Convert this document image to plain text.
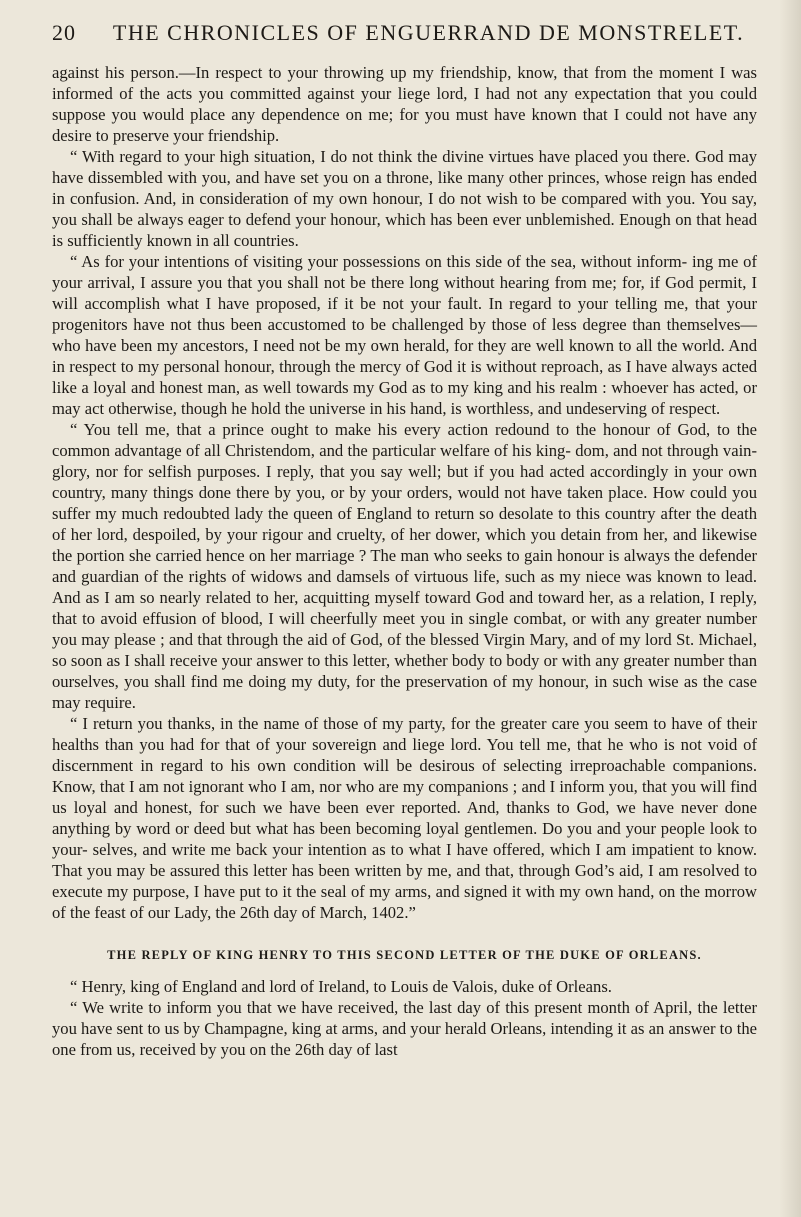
20	THE CHRONICLES OF ENGUERRAND DE MONSTRELET.

against his person.—In respect to your throwing up my friendship, know, that from the moment I was informed of the acts you committed against your liege lord, I had not any expectation that you could suppose you would place any dependence on me; for you must have known that I could not have any desire to preserve your friendship.

“ With regard to your high situation, I do not think the divine virtues have placed you there. God may have dissembled with you, and have set you on a throne, like many other princes, whose reign has ended in confusion. And, in consideration of my own honour, I do not wish to be compared with you. You say, you shall be always eager to defend your honour, which has been ever unblemished. Enough on that head is sufficiently known in all countries.

“ As for your intentions of visiting your possessions on this side of the sea, without inform- ing me of your arrival, I assure you that you shall not be there long without hearing from me; for, if God permit, I will accomplish what I have proposed, if it be not your fault. In regard to your telling me, that your progenitors have not thus been accustomed to be challenged by those of less degree than themselves—who have been my ancestors, I need not be my own herald, for they are well known to all the world. And in respect to my personal honour, through the mercy of God it is without reproach, as I have always acted like a loyal and honest man, as well towards my God as to my king and his realm : whoever has acted, or may act otherwise, though he hold the universe in his hand, is worthless, and undeserving of respect.

“ You tell me, that a prince ought to make his every action redound to the honour of God, to the common advantage of all Christendom, and the particular welfare of his king- dom, and not through vain-glory, nor for selfish purposes. I reply, that you say well; but if you had acted accordingly in your own country, many things done there by you, or by your orders, would not have taken place. How could you suffer my much redoubted lady the queen of England to return so desolate to this country after the death of her lord, despoiled, by your rigour and cruelty, of her dower, which you detain from her, and likewise the portion she carried hence on her marriage ? The man who seeks to gain honour is always the defender and guardian of the rights of widows and damsels of virtuous life, such as my niece was known to lead. And as I am so nearly related to her, acquitting myself toward God and toward her, as a relation, I reply, that to avoid effusion of blood, I will cheerfully meet you in single combat, or with any greater number you may please ; and that through the aid of God, of the blessed Virgin Mary, and of my lord St. Michael, so soon as I shall receive your answer to this letter, whether body to body or with any greater number than ourselves, you shall find me doing my duty, for the preservation of my honour, in such wise as the case may require.

“ I return you thanks, in the name of those of my party, for the greater care you seem to have of their healths than you had for that of your sovereign and liege lord. You tell me, that he who is not void of discernment in regard to his own condition will be desirous of selecting irreproachable companions. Know, that I am not ignorant who I am, nor who are my companions ; and I inform you, that you will find us loyal and honest, for such we have been ever reported. And, thanks to God, we have never done anything by word or deed but what has been becoming loyal gentlemen. Do you and your people look to your- selves, and write me back your intention as to what I have offered, which I am impatient to know. That you may be assured this letter has been written by me, and that, through God’s aid, I am resolved to execute my purpose, I have put to it the seal of my arms, and signed it with my own hand, on the morrow of the feast of our Lady, the 26th day of March, 1402.”

THE REPLY OF KING HENRY TO THIS SECOND LETTER OF THE DUKE OF ORLEANS.

“ Henry, king of England and lord of Ireland, to Louis de Valois, duke of Orleans.

“ We write to inform you that we have received, the last day of this present month of April, the letter you have sent to us by Champagne, king at arms, and your herald Orleans, intending it as an answer to the one from us, received by you on the 26th day of last
